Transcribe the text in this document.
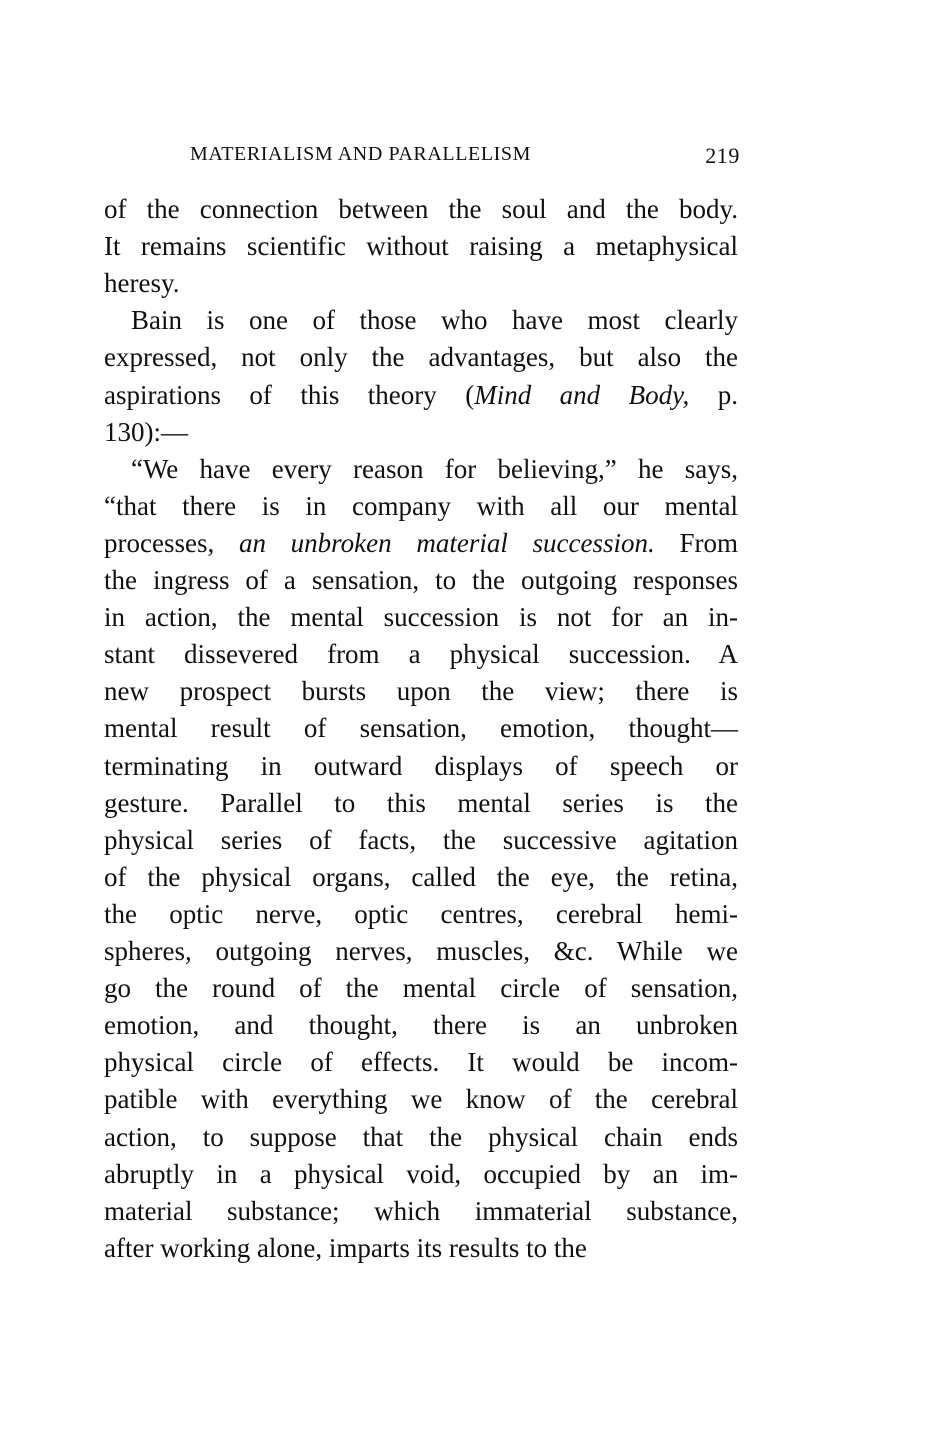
MATERIALISM AND PARALLELISM	219
of the connection between the soul and the body.
It remains scientific without raising a metaphysical
heresy.
Bain is one of those who have most clearly
expressed, not only the advantages, but also the
aspirations of this theory (Mind and Body, p.
130):—
“We have every reason for believing,” he says,
“that there is in company with all our mental
processes, an unbroken material succession. From
the ingress of a sensation, to the outgoing responses
in action, the mental succession is not for an in-
stant dissevered from a physical succession. A
new prospect bursts upon the view; there is
mental result of sensation, emotion, thought—
terminating in outward displays of speech or
gesture. Parallel to this mental series is the
physical series of facts, the successive agitation
of the physical organs, called the eye, the retina,
the optic nerve, optic centres, cerebral hemi-
spheres, outgoing nerves, muscles, &c. While we
go the round of the mental circle of sensation,
emotion, and thought, there is an unbroken
physical circle of effects. It would be incom-
patible with everything we know of the cerebral
action, to suppose that the physical chain ends
abruptly in a physical void, occupied by an im-
material substance; which immaterial substance,
after working alone, imparts its results to the
